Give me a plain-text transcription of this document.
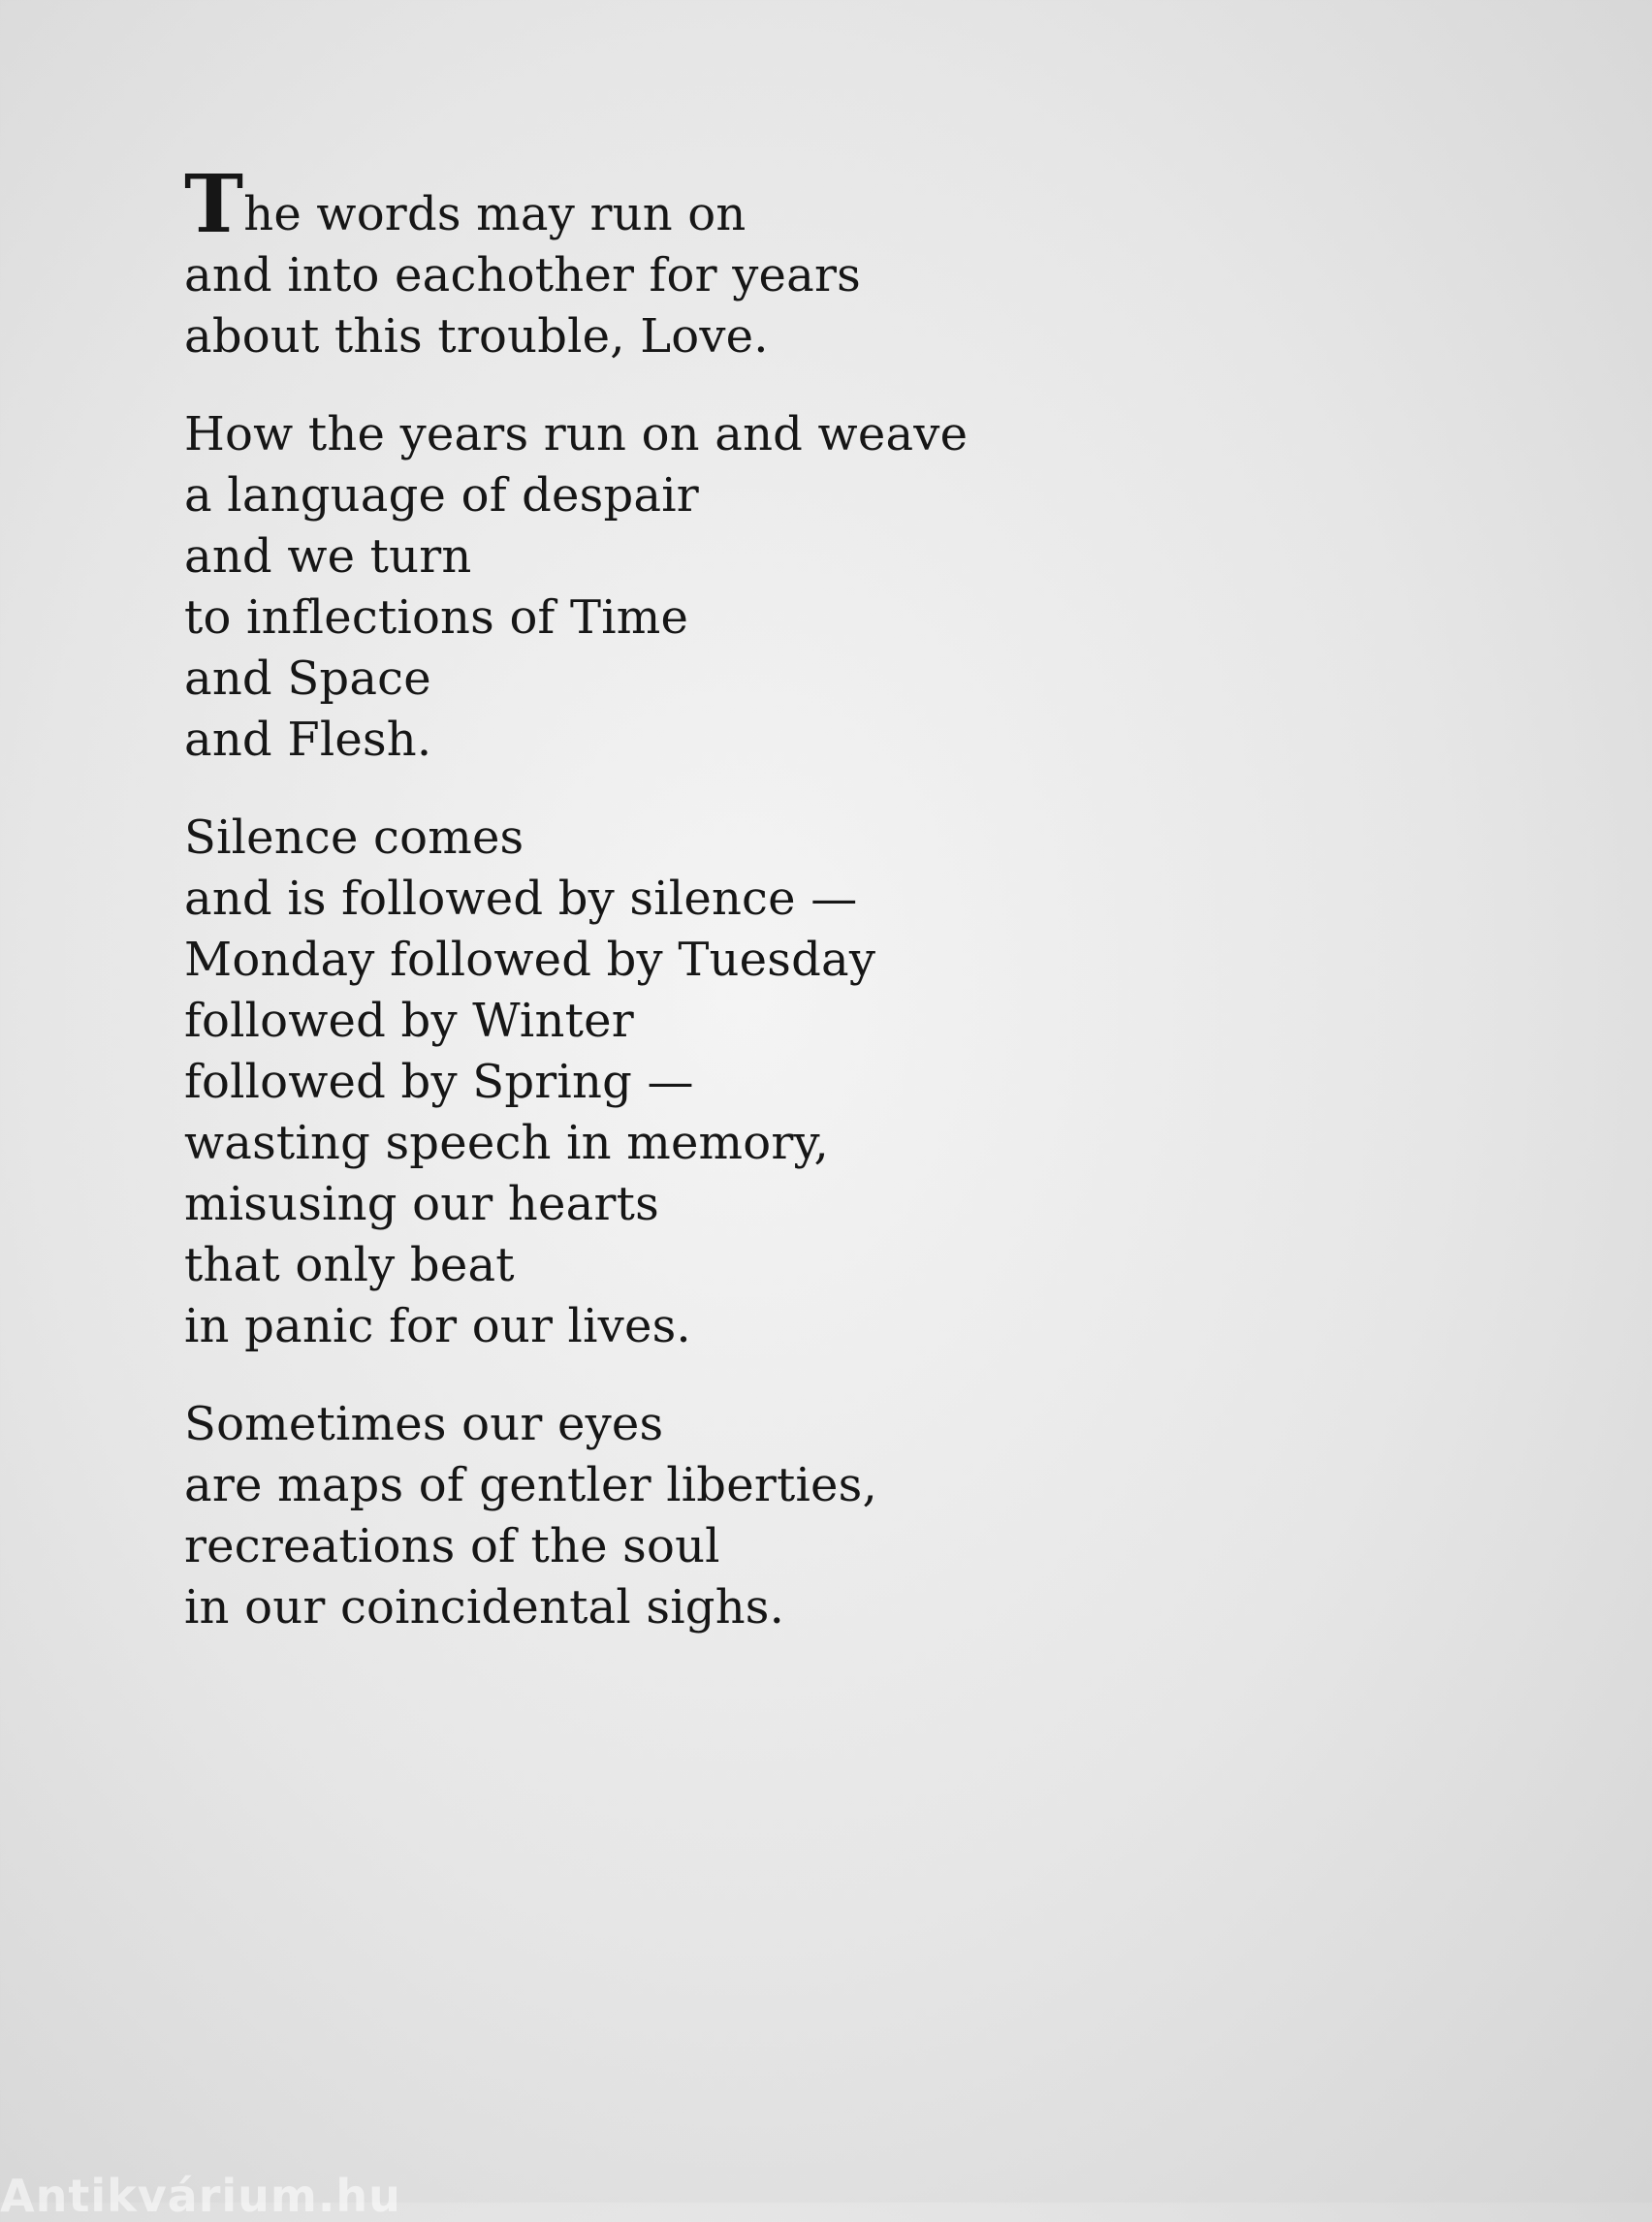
The words may run on
and into eachother for years
about this trouble, Love.
How the years run on and weave
a language of despair
and we turn
to inflections of Time
and Space
and Flesh.
Silence comes
and is followed by silence —
Monday followed by Tuesday
followed by Winter
followed by Spring —
wasting speech in memory,
misusing our hearts
that only beat
in panic for our lives.
Sometimes our eyes
are maps of gentler liberties,
recreations of the soul
in our coincidental sighs.
Antikvárium.hu
